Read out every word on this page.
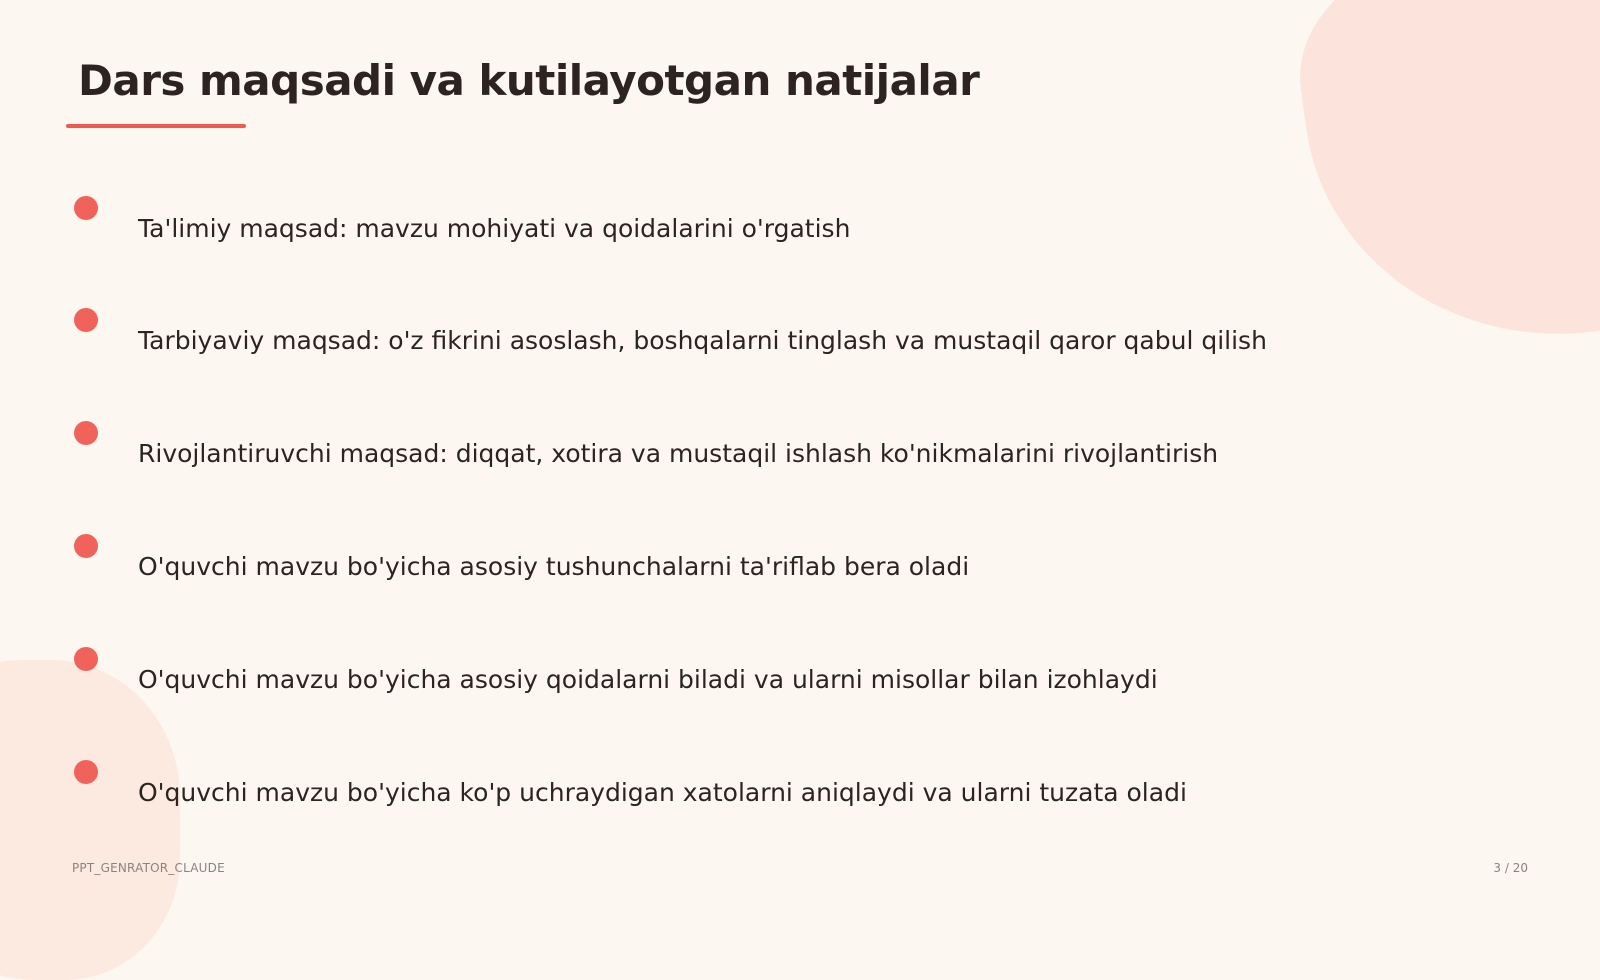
Dars maqsadi va kutilayotgan natijalar
Ta'limiy maqsad: mavzu mohiyati va qoidalarini o'rgatish
Tarbiyaviy maqsad: o'z fikrini asoslash, boshqalarni tinglash va mustaqil qaror qabul qilish
Rivojlantiruvchi maqsad: diqqat, xotira va mustaqil ishlash ko'nikmalarini rivojlantirish
O'quvchi mavzu bo'yicha asosiy tushunchalarni ta'riflab bera oladi
O'quvchi mavzu bo'yicha asosiy qoidalarni biladi va ularni misollar bilan izohlaydi
O'quvchi mavzu bo'yicha ko'p uchraydigan xatolarni aniqlaydi va ularni tuzata oladi
PPT_GENRATOR_CLAUDE	3 / 20
